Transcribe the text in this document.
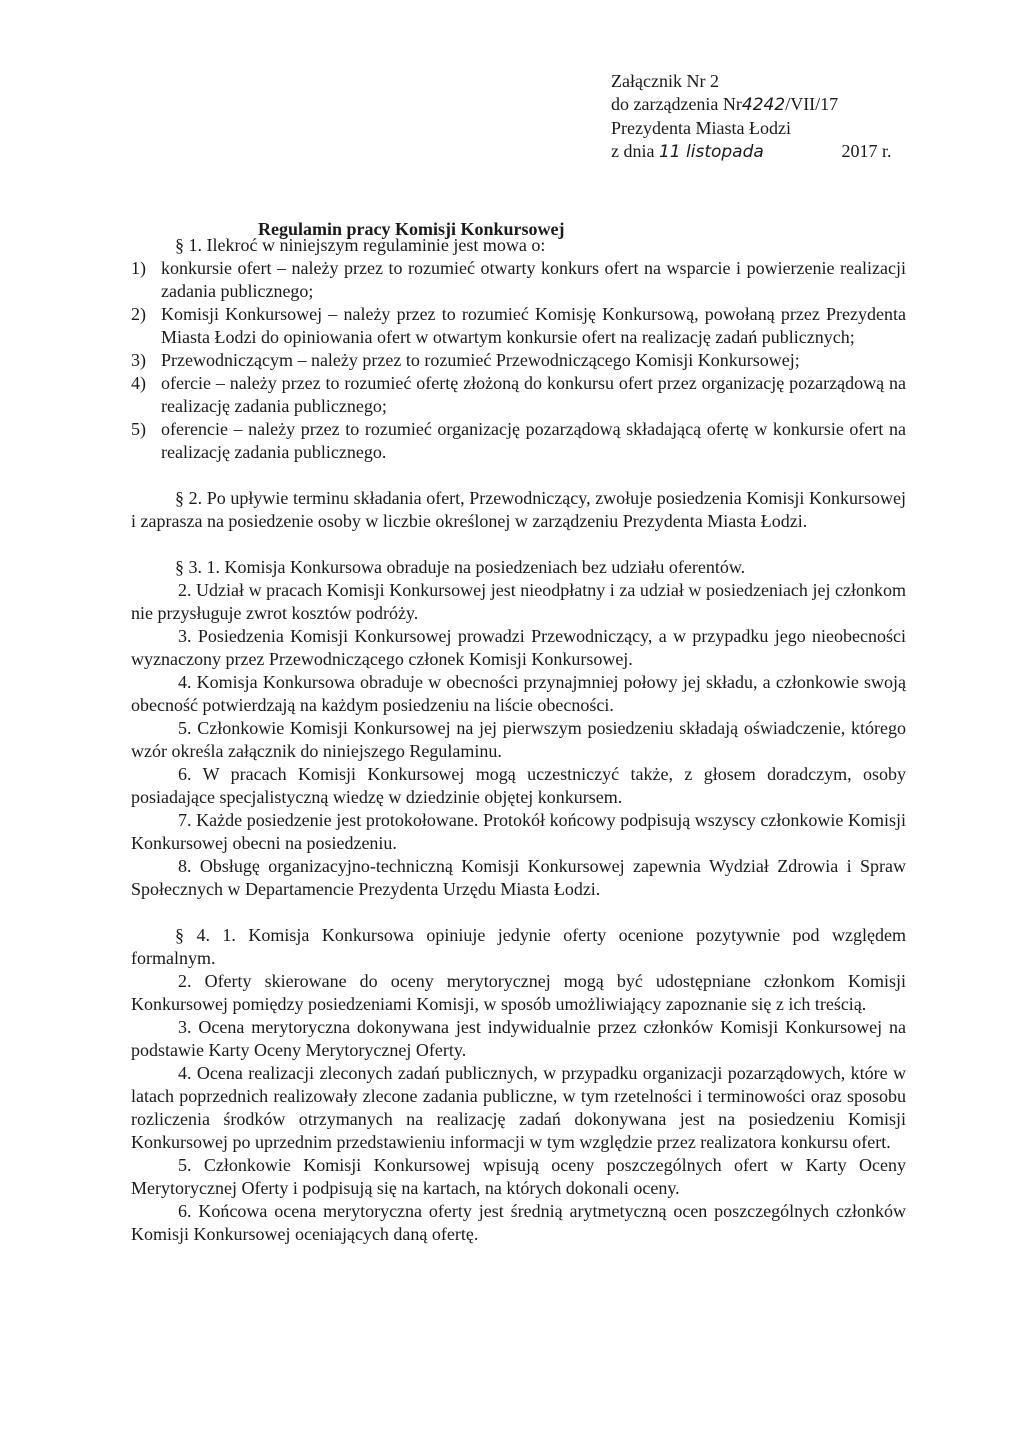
Załącznik Nr 2
do zarządzenia Nr4242/VII/17
Prezydenta Miasta Łodzi
z dnia 11 listopada	2017 r.
Regulamin pracy Komisji Konkursowej
§ 1. Ilekroć w niniejszym regulaminie jest mowa o:
1) konkursie ofert – należy przez to rozumieć otwarty konkurs ofert na wsparcie i powierzenie realizacji zadania publicznego;
2) Komisji Konkursowej – należy przez to rozumieć Komisję Konkursową, powołaną przez Prezydenta Miasta Łodzi do opiniowania ofert w otwartym konkursie ofert na realizację zadań publicznych;
3) Przewodniczącym – należy przez to rozumieć Przewodniczącego Komisji Konkursowej;
4) ofercie – należy przez to rozumieć ofertę złożoną do konkursu ofert przez organizację pozarządową na realizację zadania publicznego;
5) oferencie – należy przez to rozumieć organizację pozarządową składającą ofertę w konkursie ofert na realizację zadania publicznego.
§ 2. Po upływie terminu składania ofert, Przewodniczący, zwołuje posiedzenia Komisji Konkursowej i zaprasza na posiedzenie osoby w liczbie określonej w zarządzeniu Prezydenta Miasta Łodzi.
§ 3. 1. Komisja Konkursowa obraduje na posiedzeniach bez udziału oferentów.
2. Udział w pracach Komisji Konkursowej jest nieodpłatny i za udział w posiedzeniach jej członkom nie przysługuje zwrot kosztów podróży.
3. Posiedzenia Komisji Konkursowej prowadzi Przewodniczący, a w przypadku jego nieobecności wyznaczony przez Przewodniczącego członek Komisji Konkursowej.
4. Komisja Konkursowa obraduje w obecności przynajmniej połowy jej składu, a członkowie swoją obecność potwierdzają na każdym posiedzeniu na liście obecności.
5. Członkowie Komisji Konkursowej na jej pierwszym posiedzeniu składają oświadczenie, którego wzór określa załącznik do niniejszego Regulaminu.
6. W pracach Komisji Konkursowej mogą uczestniczyć także, z głosem doradczym, osoby posiadające specjalistyczną wiedzę w dziedzinie objętej konkursem.
7. Każde posiedzenie jest protokołowane. Protokół końcowy podpisują wszyscy członkowie Komisji Konkursowej obecni na posiedzeniu.
8. Obsługę organizacyjno-techniczną Komisji Konkursowej zapewnia Wydział Zdrowia i Spraw Społecznych w Departamencie Prezydenta Urzędu Miasta Łodzi.
§ 4. 1. Komisja Konkursowa opiniuje jedynie oferty ocenione pozytywnie pod względem formalnym.
2. Oferty skierowane do oceny merytorycznej mogą być udostępniane członkom Komisji Konkursowej pomiędzy posiedzeniami Komisji, w sposób umożliwiający zapoznanie się z ich treścią.
3. Ocena merytoryczna dokonywana jest indywidualnie przez członków Komisji Konkursowej na podstawie Karty Oceny Merytorycznej Oferty.
4. Ocena realizacji zleconych zadań publicznych, w przypadku organizacji pozarządowych, które w latach poprzednich realizowały zlecone zadania publiczne, w tym rzetelności i terminowości oraz sposobu rozliczenia środków otrzymanych na realizację zadań dokonywana jest na posiedzeniu Komisji Konkursowej po uprzednim przedstawieniu informacji w tym względzie przez realizatora konkursu ofert.
5. Członkowie Komisji Konkursowej wpisują oceny poszczególnych ofert w Karty Oceny Merytorycznej Oferty i podpisują się na kartach, na których dokonali oceny.
6. Końcowa ocena merytoryczna oferty jest średnią arytmetyczną ocen poszczególnych członków Komisji Konkursowej oceniających daną ofertę.
